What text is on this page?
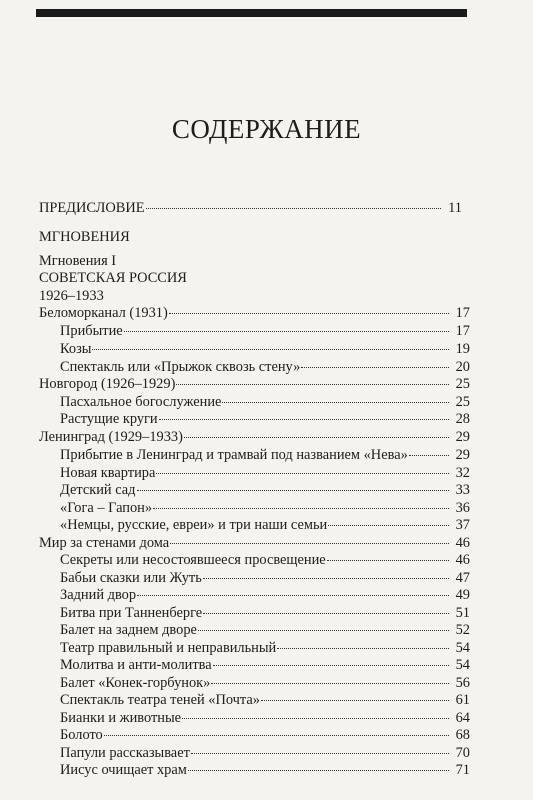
СОДЕРЖАНИЕ
МГНОВЕНИЯ
Мгновения I
СОВЕТСКАЯ РОССИЯ
1926–1933
ПРЕДИСЛОВИЕ	11
Беломорканал (1931)	17
Прибытие	17
Козы	19
Спектакль или «Прыжок сквозь стену»	20
Новгород (1926–1929)	25
Пасхальное богослужение	25
Растущие круги	28
Ленинград (1929–1933)	29
Прибытие в Ленинград и трамвай под названием «Нева»	29
Новая квартира	32
Детский сад	33
«Гога – Гапон»	36
«Немцы, русские, евреи» и три наши семьи	37
Мир за стенами дома	46
Секреты или несостоявшееся просвещение	46
Бабьи сказки или Жуть	47
Задний двор	49
Битва при Танненберге	51
Балет на заднем дворе	52
Театр правильный и неправильный	54
Молитва и анти-молитва	54
Балет «Конек-горбунок»	56
Спектакль театра теней «Почта»	61
Бианки и животные	64
Болото	68
Папули рассказывает	70
Иисус очищает храм	71
